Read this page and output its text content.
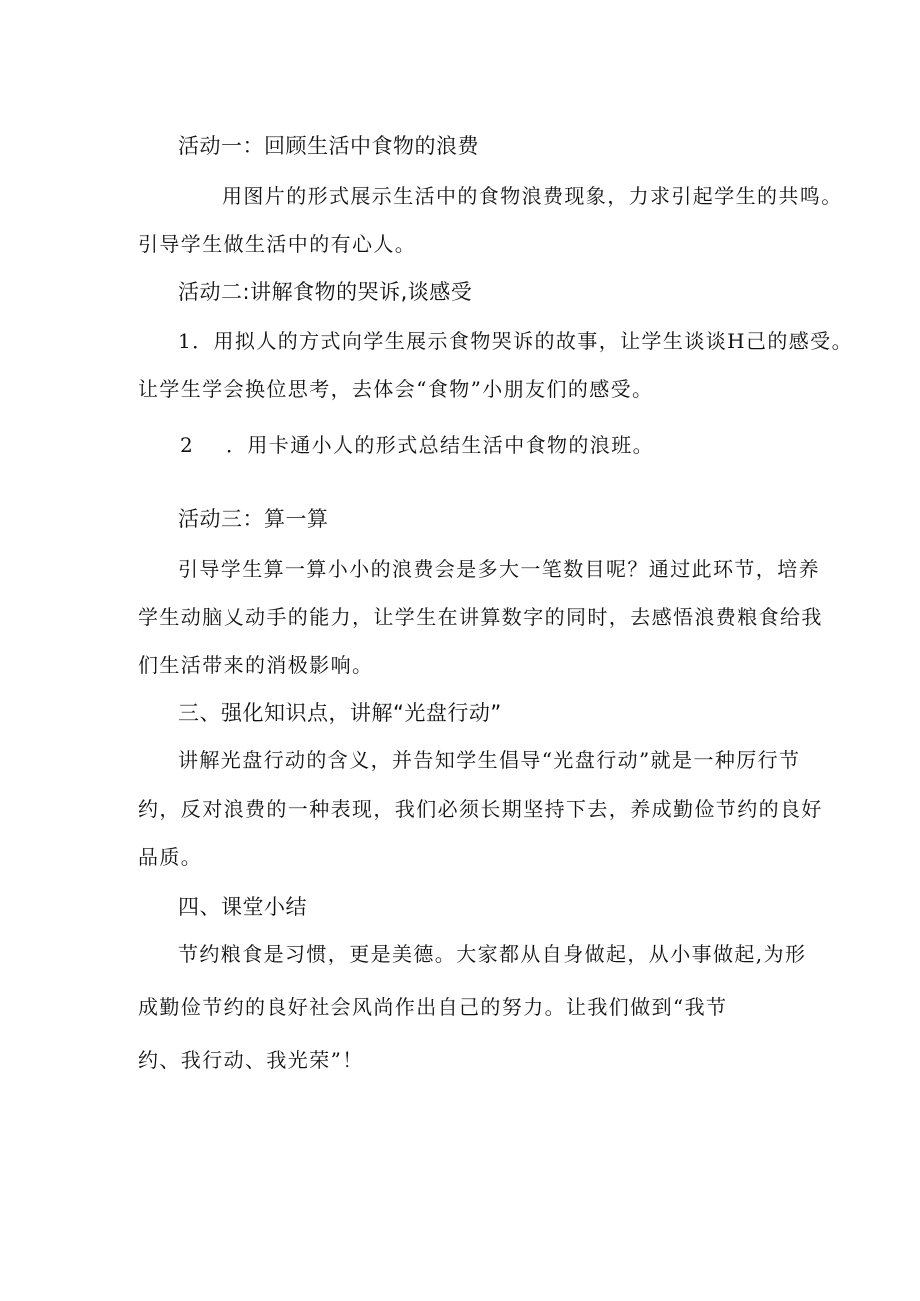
活动一：回顾生活中食物的浪费
用图片的形式展示生活中的食物浪费现象，力求引起学生的共鸣。
引导学生做生活中的有心人。
活动二:讲解食物的哭诉,谈感受
1．用拟人的方式向学生展示食物哭诉的故事，让学生谈谈H己的感受。
让学生学会换位思考，去体会“食物”小朋友们的感受。
2 ．用卡通小人的形式总结生活中食物的浪班。
活动三：算一算
引导学生算一算小小的浪费会是多大一笔数目呢？通过此环节，培养
学生动脑乂动手的能力，让学生在讲算数字的同时，去感悟浪费粮食给我
们生活带来的消极影响。
三、强化知识点，讲解“光盘行动”
讲解光盘行动的含义，并告知学生倡导“光盘行动”就是一种厉行节
约，反对浪费的一种表现，我们必须长期坚持下去，养成勤俭节约的良好
品质。
四、课堂小结
节约粮食是习惯，更是美德。大家都从自身做起，从小事做起,为形
成勤俭节约的良好社会风尚作出自己的努力。让我们做到“我节
约、我行动、我光荣”！
